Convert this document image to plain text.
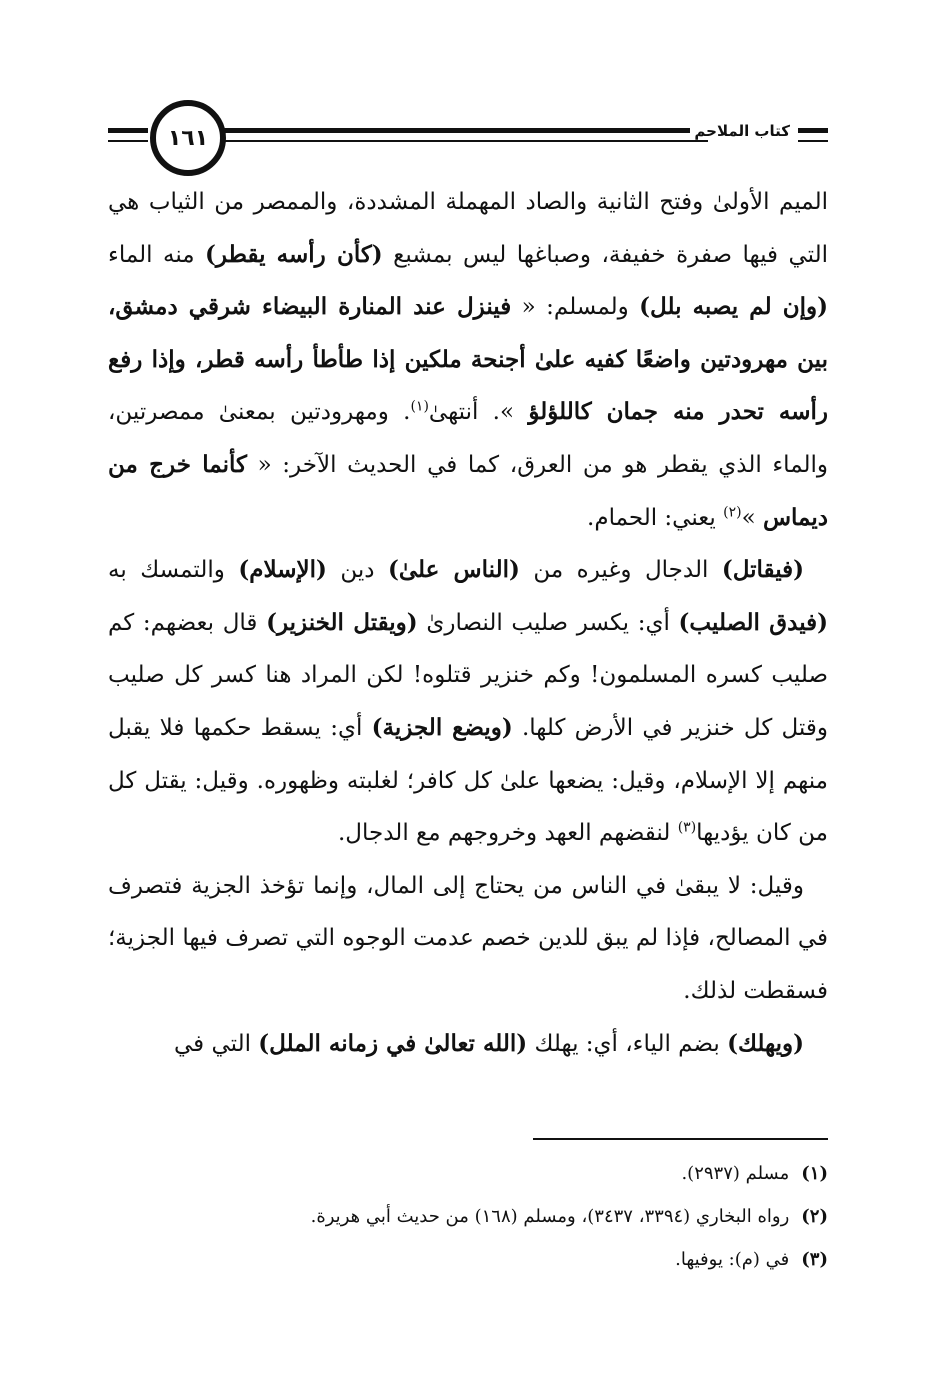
١٦١	كتاب الملاحم

الميم الأولىٰ وفتح الثانية والصاد المهملة المشددة، والممصر من الثياب هي التي فيها صفرة خفيفة، وصباغها ليس بمشبع (كأن رأسه يقطر) منه الماء (وإن لم يصبه بلل) ولمسلم: « فينزل عند المنارة البيضاء شرقي دمشق، بين مهرودتين واضعًا كفيه علىٰ أجنحة ملكين إذا طأطأ رأسه قطر، وإذا رفع رأسه تحدر منه جمان كاللؤلؤ ». أنتهىٰ$^{(١)}$. ومهرودتين بمعنىٰ ممصرتين، والماء الذي يقطر هو من العرق، كما في الحديث الآخر: « كأنما خرج من ديماس »$^{(٢)}$ يعني: الحمام.

(فيقاتل) الدجال وغيره من (الناس علىٰ) دين (الإسلام) والتمسك به (فيدق الصليب) أي: يكسر صليب النصارىٰ (ويقتل الخنزير) قال بعضهم: كم صليب كسره المسلمون! وكم خنزير قتلوه! لكن المراد هنا كسر كل صليب وقتل كل خنزير في الأرض كلها. (ويضع الجزية) أي: يسقط حكمها فلا يقبل منهم إلا الإسلام، وقيل: يضعها علىٰ كل كافر؛ لغلبته وظهوره. وقيل: يقتل كل من كان يؤديها$^{(٣)}$ لنقضهم العهد وخروجهم مع الدجال.

وقيل: لا يبقىٰ في الناس من يحتاج إلى المال، وإنما تؤخذ الجزية فتصرف في المصالح، فإذا لم يبق للدين خصم عدمت الوجوه التي تصرف فيها الجزية؛ فسقطت لذلك.

(ويهلك) بضم الياء، أي: يهلك (الله تعالىٰ في زمانه الملل) التي في

(١)مسلم (٢٩٣٧).

(٢)رواه البخاري (٣٣٩٤، ٣٤٣٧)، ومسلم (١٦٨) من حديث أبي هريرة.

(٣)في (م): يوفيها.
